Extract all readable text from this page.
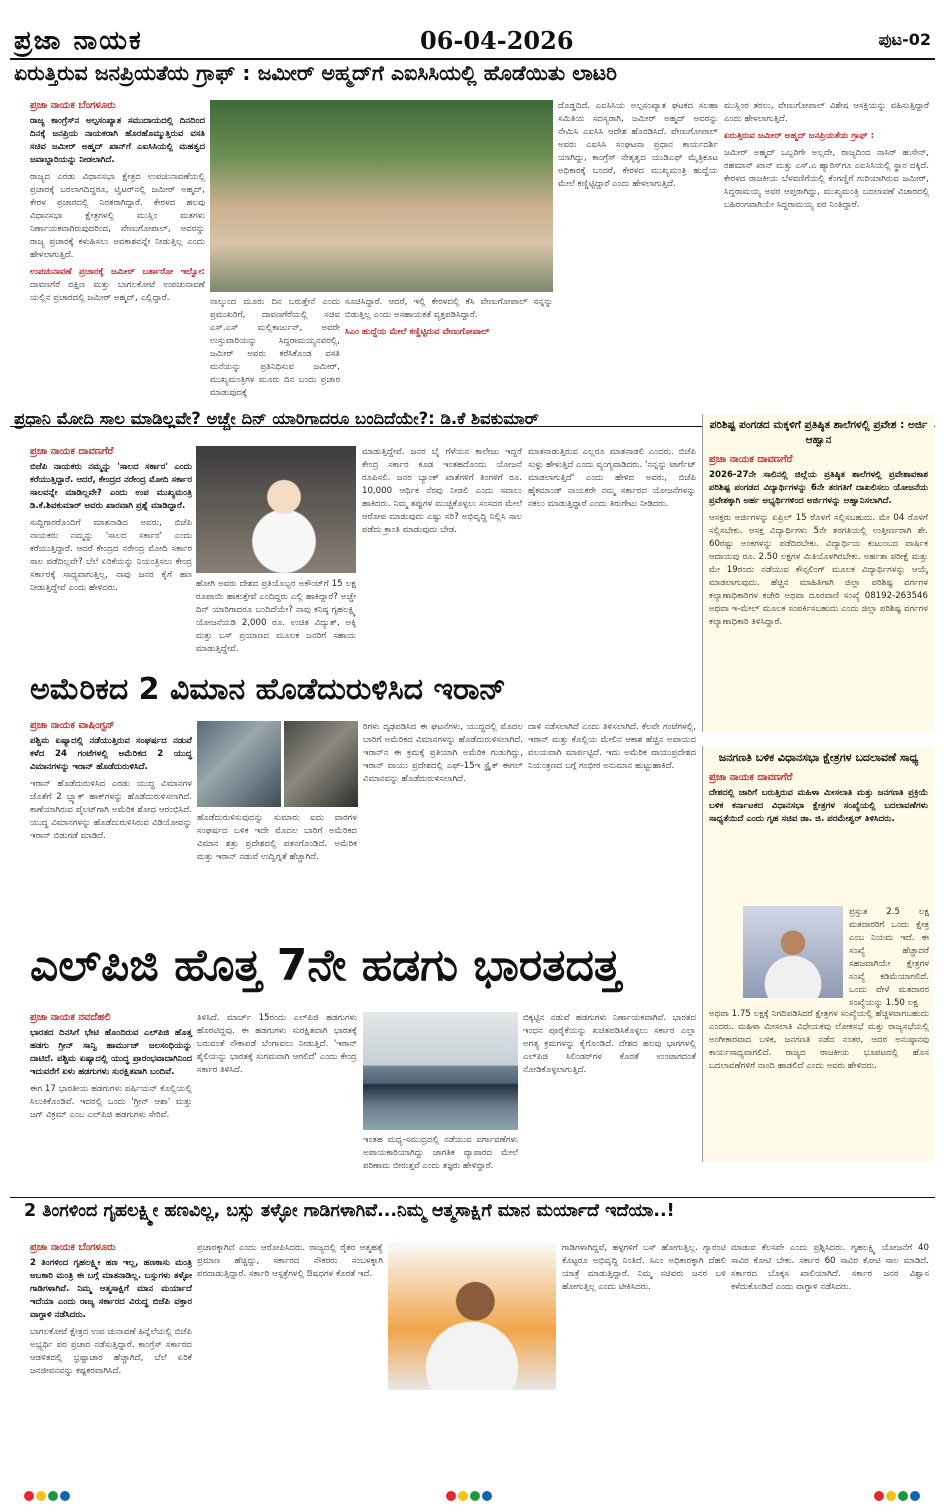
ಪ್ರಜಾ ನಾಯಕ	06-04-2026	ಪುಟ-02
ಏರುತ್ತಿರುವ ಜನಪ್ರಿಯತೆಯ ಗ್ರಾಫ್ : ಜಮೀರ್ ಅಹ್ಮದ್‌ಗೆ ಎಐಸಿಸಿಯಲ್ಲಿ ಹೊಡೆಯಿತು ಲಾಟರಿ
ಪ್ರಜಾ ನಾಯಕ ಬೆಂಗಳೂರು

ರಾಜ್ಯ ಕಾಂಗ್ರೆಸ್‌ನ ಅಲ್ಪಸಂಖ್ಯಾತ ಸಮುದಾಯದಲ್ಲಿ ದಿನದಿಂದ ದಿನಕ್ಕೆ ಜನಪ್ರಿಯ ನಾಯಕರಾಗಿ ಹೊರಹೊಮ್ಮುತ್ತಿರುವ ವಸತಿ ಸಚಿವ ಜಮೀರ್ ಅಹ್ಮದ್ ಖಾನ್‌ಗೆ ಎಐಸಿಸಿಯಲ್ಲಿ ಮಹತ್ವದ ಜವಾಬ್ದಾರಿಯನ್ನು ನೀಡಲಾಗಿದೆ.

ರಾಜ್ಯದ ಎರಡು ವಿಧಾನಸಭಾ ಕ್ಷೇತ್ರದ ಉಪಚುನಾವಣೆಯಲ್ಲಿ ಪ್ರಚಾರಕ್ಕೆ ಬರಲಾಗದಿದ್ದರೂ, ಟ್ವಿಟರ್‌ನಲ್ಲಿ ಜಮೀರ್ ಅಹ್ಮದ್, ಕೇರಳ ಪ್ರಚಾರದಲ್ಲಿ ನಿರತರಾಗಿದ್ದಾರೆ. ಕೇರಳದ ಹಲವು ವಿಧಾನಸಭಾ ಕ್ಷೇತ್ರಗಳಲ್ಲಿ ಮುಸ್ಲಿಂ ಮತಗಳು ನಿರ್ಣಾಯಕವಾಗಿರುವುದರಿಂದ, ವೇಣುಗೋಪಾಲ್, ಅವರನ್ನು ರಾಜ್ಯ ಪ್ರಚಾರಕ್ಕೆ ಕಳುಹಿಸಲು ಅವಕಾಶವನ್ನೇ ನೀಡುತ್ತಿಲ್ಲ ಎಂದು ಹೇಳಲಾಗುತ್ತಿದೆ.

ಉಪಚುನಾವಣೆ ಪ್ರಚಾರಕ್ಕೆ ಜಮೀರ್ ಬರ್ತಾರೋ ಇಲ್ವೋ: ದಾವಣಗೆರೆ ದಕ್ಷಿಣ ಮತ್ತು ಬಾಗಲಕೋಟೆ ಉಪಚುನಾವಣೆ ಯಲ್ಲಿನ ಪ್ರಚಾರದಲ್ಲಿ ಜಮೀರ್ ಅಹ್ಮದ್, ಎಲ್ಲಿದ್ದಾರೆ.	ನಾಲ್ಕುಂದ ಮೂರು ದಿನ ಬರುತ್ತೇನೆ ಎಂದು ಪ್ರಮುಖರಿಗೆ, ದಾವಣಗೆರೆಯಲ್ಲಿ ಸಚಿವ ಎಸ್.ಎಸ್ ಮಲ್ಲಿಕಾರ್ಜುನ್, ಅವರೇ ಉಸ್ತುವಾರಿಯನ್ನು ಸಿದ್ದರಾಮಯ್ಯನವರಲ್ಲಿ, ಜಮೀರ್ ಅವರು ಕರೆಸಿಕೊಂಡ ವಸತಿ ಮನೆಯನ್ನು ಪ್ರತಿನಿಧಿಸುವ ಜಮೀರ್, ಮುಖ್ಯಮಂತ್ರಿಗಳ ಮೂರು ದಿನ ಬಂದು ಪ್ರಚಾರ ಮಾಡುವುದಕ್ಕೆ

ಸೂಚಿಸಿದ್ದಾರೆ. ಆದರೆ, ಇಲ್ಲಿ ಕೇರಳದಲ್ಲಿ ಕೆಸಿ ವೇಣುಗೋಪಾಲ್ ನನ್ನನ್ನು ಬಿಡುತ್ತಿಲ್ಲ ಎಂದು ಅಸಹಾಯಕತೆ ವ್ಯಕ್ತಪಡಿಸಿದ್ದಾರೆ.

ಸಿಎಂ ಹುದ್ದೆಯ ಮೇಲೆ ಕಣ್ಣಿಟ್ಟಿರುವ ವೇಣುಗೋಪಾಲ್

ದೊಡ್ಡದಿದೆ. ಎಐಸಿಸಿಯ ಅಲ್ಪಸಂಖ್ಯಾತ ಘಟಕದ ಸಲಹಾ ಸಮಿತಿಯ ಸದಸ್ಯರಾಗಿ, ಜಮೀರ್ ಅಹ್ಮದ್ ಅವರನ್ನು ನೇಮಿಸಿ ಎಐಸಿಸಿ ಆದೇಶ ಹೊರಡಿಸಿದೆ. ವೇಣುಗೋಪಾಲ್ ಅವರು ಎಐಸಿಸಿ ಸಂಘಟನಾ ಪ್ರಧಾನ ಕಾರ್ಯದರ್ಶಿ ಯಾಗಿದ್ದು, ಕಾಂಗ್ರೆಸ್ ನೇತೃತ್ವದ ಯುಡಿಎಫ್ ಮೈತ್ರಿಕೂಟ ಅಧಿಕಾರಕ್ಕೆ ಬಂದರೆ, ಕೇರಳದ ಮುಖ್ಯಮಂತ್ರಿ ಹುದ್ದೆಯ ಮೇಲೆ ಕಣ್ಣಿಟ್ಟಿದ್ದಾರೆ ಎಂದು ಹೇಳಲಾಗುತ್ತಿದೆ.

ಮುಸ್ಲಿಂರ ತರಲು, ವೇಣುಗೋಪಾಲ್ ವಿಶೇಷ ಆಸಕ್ತಿಯನ್ನು ವಹಿಸುತ್ತಿದ್ದಾರೆ ಎಂದು ಹೇಳಲಾಗುತ್ತಿದೆ.

ಏರುತ್ತಿರುವ ಜಮೀರ್ ಅಹ್ಮದ್ ಜನಪ್ರಿಯತೆಯ ಗ್ರಾಫ್ :

ಜಮೀರ್ ಅಹ್ಮದ್ ಒಬ್ಬರಿಗೇ ಅಲ್ಲದೇ, ರಾಜ್ಯದಿಂದ ನಾಸಿರ್ ಹುಸೇನ್, ರಹಮಾನ್ ಖಾನ್ ಮತ್ತು ಎಸ್.ಎ ಹ್ಯಾರಿಸ್‌ಗೂ ಎಐಸಿಸಿಯಲ್ಲಿ ಸ್ಥಾನ ದಕ್ಕಿದೆ. ಕೇರಳದ ರಾಜಕೀಯ ಬೆಳವಣಿಗೆಯಲ್ಲಿ ಕೆಂಗಣ್ಣಿಗೆ ಗುರಿಯಾಗಿರುವ ಜಮೀರ್, ಸಿದ್ದರಾಮಯ್ಯ ಅವರ ಆಪ್ತರಾಗಿದ್ದು, ಮುಖ್ಯಮಂತ್ರಿ ಬದಲಾವಣೆ ವಿಚಾರದಲ್ಲಿ ಬಹಿರಂಗವಾಗಿಯೇ ಸಿದ್ದರಾಮಯ್ಯ ಪರ ನಿಂತಿದ್ದಾರೆ.

ಪ್ರಧಾನಿ ಮೋದಿ ಸಾಲ ಮಾಡಿಲ್ಲವೇ? ಅಚ್ಚೇ ದಿನ್ ಯಾರಿಗಾದರೂ ಬಂದಿದೆಯೇ?: ಡಿ.ಕೆ ಶಿವಕುಮಾರ್
ಪ್ರಜಾ ನಾಯಕ ದಾವಣಗೆರೆ

ಬಿಜೆಪಿ ನಾಯಕರು ನಮ್ಮನ್ನು 'ಸಾಲದ ಸರ್ಕಾರ' ಎಂದು ಕರೆಯುತ್ತಿದ್ದಾರೆ. ಆದರೆ, ಕೇಂದ್ರದ ನರೇಂದ್ರ ಮೋದಿ ಸರ್ಕಾರ ಸಾಲವನ್ನೇ ಮಾಡಿಲ್ಲವೇ? ಎಂದು ಉಪ ಮುಖ್ಯಮಂತ್ರಿ ಡಿ.ಕೆ.ಶಿವಕುಮಾರ್ ಅವರು ಖಾರವಾಗಿ ಪ್ರಶ್ನೆ ಮಾಡಿದ್ದಾರೆ.

ಸುದ್ದಿಗಾರರೊಂದಿಗೆ ಮಾತನಾಡಿದ ಅವರು, ಬಿಜೆಪಿ ನಾಯಕರು ನಮ್ಮನ್ನು 'ಸಾಲದ ಸರ್ಕಾರ' ಎಂದು ಕರೆಯುತ್ತಿದ್ದಾರೆ. ಆದರೆ ಕೇಂದ್ರದ ನರೇಂದ್ರ ಮೋದಿ ಸರ್ಕಾರ ಸಾಲ ಪಡೆದಿಲ್ಲವೇ? ಬೆಲೆ ಏರಿಕೆಯನ್ನು ನಿಯಂತ್ರಿಸಲು ಕೇಂದ್ರ ಸರ್ಕಾರಕ್ಕೆ ಸಾಧ್ಯವಾಗುತ್ತಿಲ್ಲ, ನಾವು ಜನರ ಕೈಗೆ ಹಣ ನೀಡುತ್ತಿದ್ದೇವೆ ಎಂದು ಹೇಳಿದರು.	ಹೋಗಿ ಅವರು ದೇಶದ ಪ್ರತಿಯೊಬ್ಬರ ಅಕೌಂಟ್‌ಗೆ 15 ಲಕ್ಷ ರೂಪಾಯಿ ಹಾಕುತ್ತೇವೆ ಎಂದಿದ್ದರು ಎಲ್ಲಿ ಹಾಕಿದ್ದಾರೆ? ಅಚ್ಚೇ ದಿನ್ ಯಾರಿಗಾದರೂ ಬಂದಿದೆಯೇ? ನಾವು ಕನಿಷ್ಠ ಗೃಹಲಕ್ಷ್ಮಿ ಯೋಜನೆಯಡಿ 2,000 ರೂ. ಉಚಿತ ವಿದ್ಯುತ್, ಅಕ್ಕಿ ಮತ್ತು ಬಸ್ ಪ್ರಯಾಣದ ಮೂಲಕ ಜನರಿಗೆ ಸಹಾಯ ಮಾಡುತ್ತಿದ್ದೇವೆ.

ಮಾಡುತ್ತಿದ್ದೇವೆ. ಜನರ ಬೈ ಗೆಳೆಯನ ಕಾಲೇಜು ಇದ್ದರೆ ಕೇಂದ್ರ ಸರ್ಕಾರ ಕೂಡ ಇಂತಹದೊಂದು ಯೋಜನೆ ರೂಪಿಸಲಿ. ಜನರ ಬ್ಯಾಂಕ್ ಖಾತೆಗಳಿಗೆ ತಿಂಗಳಿಗೆ ರೂ. 10,000 ಆರ್ಥಿಕ ನೆರವು ನೀಡಲಿ ಎಂದು ಸವಾಲು ಹಾಕಿದರು. ನಿಮ್ಮ ತಪ್ಪುಗಳ ಮುಚ್ಚಿಕೊಳ್ಳಲು ಸಂಸದರ ಮೇಲೆ ಆರೋಪ ಮಾಡುವುದು ಎಷ್ಟು ಸರಿ? ಅಭಿವೃದ್ಧಿ ನಿಲ್ಲಿಸಿ ಸಾಲ ಪಡೆದು ಕ್ರಾಂತಿ ಮಾಡುವುದು ಬೇಡ.

ಮಾತನಾಡುತ್ತಿರುವ ಎಲ್ಲರೂ ಮಾತನಾಡಲಿ ಎಂದರು. ಬಿಜೆಪಿ ಸುಳ್ಳು ಹೇಳುತ್ತಿದೆ ಎಂದು ವ್ಯಂಗ್ಯವಾಡಿದರು. 'ನನ್ನನ್ನು ಟಾರ್ಗೆಟ್ ಮಾಡಲಾಗುತ್ತಿದೆ' ಎಂದು ಹೇಳಿದ ಅವರು, ಬಿಜೆಪಿ ಹೈಕಮಾಂಡ್ ನಾಯಕರೇ ನಮ್ಮ ಸರ್ಕಾರದ ಯೋಜನೆಗಳನ್ನು ನಕಲು ಮಾಡುತ್ತಿದ್ದಾರೆ ಎಂದು ತಿರುಗೇಟು ನೀಡಿದರು.

ಪರಿಶಿಷ್ಟ ಪಂಗಡದ ಮಕ್ಕಳಿಗೆ ಪ್ರತಿಷ್ಠಿತ ಶಾಲೆಗಳಲ್ಲಿ ಪ್ರವೇಶ : ಅರ್ಜಿ ಆಹ್ವಾನ
ಪ್ರಜಾ ನಾಯಕ ದಾವಣಗೆರೆ

2026-27ನೇ ಸಾಲಿನಲ್ಲಿ ಜಿಲ್ಲೆಯ ಪ್ರತಿಷ್ಠಿತ ಶಾಲೆಗಳಲ್ಲಿ ಪ್ರವೇಶಾವಕಾಶ ಪರಿಶಿಷ್ಟ ಪಂಗಡದ ವಿದ್ಯಾರ್ಥಿಗಳನ್ನು 6ನೇ ತರಗತಿಗೆ ದಾಖಲಿಸಲು ಯೋಜನೆಯ ಪ್ರವೇಶಕ್ಕಾಗಿ ಅರ್ಹ ಅಭ್ಯರ್ಥಿಗಳಿಂದ ಅರ್ಜಿಗಳನ್ನು ಆಹ್ವಾನಿಸಲಾಗಿದೆ.

ಆಸಕ್ತರು ಅರ್ಜಿಗಳನ್ನು ಏಪ್ರಿಲ್ 15 ರೊಳಗೆ ಸಲ್ಲಿಸಬಹುದು. ಮೇ 04 ರೊಳಗೆ ಸಲ್ಲಿಸಬೇಕು. ಆಸಕ್ತ ವಿದ್ಯಾರ್ಥಿಗಳು 5ನೇ ತರಗತಿಯಲ್ಲಿ ಉತ್ತೀರ್ಣರಾಗಿ ಶೇ. 60ರಷ್ಟು ಅಂಕಗಳನ್ನು ಪಡೆದಿರಬೇಕು. ವಿದ್ಯಾರ್ಥಿಯ ಕುಟುಂಬದ ವಾರ್ಷಿಕ ಆದಾಯವು ರೂ. 2.50 ಲಕ್ಷಗಳ ಮಿತಿಯೊಳಗಿರಬೇಕು. ಅರ್ಹತಾ ಪರೀಕ್ಷೆ ಮತ್ತು ಮೇ 19ರಂದು ನಡೆಯುವ ಕೌನ್ಸಲಿಂಗ್ ಮೂಲಕ ವಿದ್ಯಾರ್ಥಿಗಳನ್ನು ಆಯ್ಕೆ ಮಾಡಲಾಗುವುದು. ಹೆಚ್ಚಿನ ಮಾಹಿತಿಗಾಗಿ ಜಿಲ್ಲಾ ಪರಿಶಿಷ್ಟ ವರ್ಗಗಳ ಕಲ್ಯಾಣಾಧಿಕಾರಿಗಳ ಕಚೇರಿ ಅಥವಾ ದೂರವಾಣಿ ಸಂಖ್ಯೆ 08192-263546 ಅಥವಾ ಇ-ಮೇಲ್ ಮೂಲಕ ಸಂಪರ್ಕಿಸಬಹುದು ಎಂದು ಜಿಲ್ಲಾ ಪರಿಶಿಷ್ಟ ವರ್ಗಗಳ ಕಲ್ಯಾಣಾಧಿಕಾರಿ ತಿಳಿಸಿದ್ದಾರೆ.

ಅಮೆರಿಕದ 2 ವಿಮಾನ ಹೊಡೆದುರುಳಿಸಿದ ಇರಾನ್
ಪ್ರಜಾ ನಾಯಕ ವಾಷಿಂಗ್ಟನ್

ಪಶ್ಚಿಮ ಏಷ್ಯಾದಲ್ಲಿ ನಡೆಯುತ್ತಿರುವ ಸಂಘರ್ಷದ ನಡುವೆ ಕಳೆದ 24 ಗಂಟೆಗಳಲ್ಲಿ ಅಮೆರಿಕದ 2 ಯುದ್ಧ ವಿಮಾನಗಳನ್ನು ಇರಾನ್ ಹೊಡೆದುರುಳಿಸಿದೆ.

ಇರಾನ್ ಹೊಡೆದುರುಳಿಸಿದ ಎರಡು ಯುದ್ಧ ವಿಮಾನಗಳ ಜೊತೆಗೆ 2 ಬ್ಲ್ಯಾಕ್ ಹಾಕ್‌ಗಳನ್ನು ಹೊಡೆದುರುಳಿಸಲಾಗಿದೆ. ಕಾಣೆಯಾಗಿರುವ ಪೈಲಟ್‌ಗಾಗಿ ಅಮೆರಿಕ ಶೋಧ ಆರಂಭಿಸಿದೆ. ಯುದ್ಧ ವಿಮಾನಗಳನ್ನು ಹೊಡೆದುರುಳಿಸಿರುವ ವಿಡಿಯೋವನ್ನು ಇರಾನ್ ಬಿಡುಗಡೆ ಮಾಡಿದೆ.

ಹೊಡೆದುರುಳಿಸುವುದನ್ನು ಸುಮಾರು ಐದು ವಾರಗಳ ಸಂಘರ್ಷದ ಬಳಿಕ ಇದೇ ಮೊದಲ ಬಾರಿಗೆ ಅಮೆರಿಕದ ವಿಮಾನ ಶತ್ರು ಪ್ರದೇಶದಲ್ಲಿ ಪತನಗೊಂಡಿದೆ. ಅಮೆರಿಕ ಮತ್ತು ಇರಾನ್ ನಡುವೆ ಉದ್ವಿಗ್ನತೆ ಹೆಚ್ಚಾಗಿದೆ.

ರಿಗಳು ದೃಢಪಡಿಸಿದ ಈ ಘಟನೆಗಳು, ಯುದ್ಧದಲ್ಲಿ ಮೊದಲ ಬಾರಿಗೆ ಅಮೆರಿಕದ ವಿಮಾನಗಳನ್ನು ಹೊಡೆದುರುಳಿಸಲಾಗಿದೆ. ಇರಾನ್‌ನ ಈ ಕ್ರಮಕ್ಕೆ ಪ್ರತಿಯಾಗಿ ಅಮೆರಿಕ ಗುಡುಗಿದ್ದು, ಇರಾನ್ ವಾಯು ಪ್ರದೇಶದಲ್ಲಿ ಎಫ್-15ಇ ಸ್ಟ್ರೈಕ್ ಈಗಲ್ ವಿಮಾನವನ್ನು ಹೊಡೆದುರುಳಿಸಲಾಗಿದೆ.

ದಾಳಿ ನಡೆಸಲಾಗಿದೆ ಎಂದು ತಿಳಿಸಲಾಗಿದೆ. ಕೆಲವೇ ಗಂಟೆಗಳಲ್ಲಿ, ಇರಾನ್ ಮತ್ತು ಕೊಲ್ಲಿಯ ಮೇಲಿನ ಆಕಾಶ ಹೆಚ್ಚಿನ ಅಪಾಯದ ವಲಯವಾಗಿ ಮಾರ್ಪಟ್ಟಿದೆ. ಇದು ಅಮೆರಿಕ ವಾಯುಪ್ರದೇಶದ ನಿಯಂತ್ರಣದ ಬಗ್ಗೆ ಗಂಭೀರ ಅನುಮಾನ ಹುಟ್ಟುಹಾಕಿದೆ.

ಜನಗಣತಿ ಬಳಿಕ ವಿಧಾನಸಭಾ ಕ್ಷೇತ್ರಗಳ ಬದಲಾವಣೆ ಸಾಧ್ಯ
ಪ್ರಜಾ ನಾಯಕ ದಾವಣಗೆರೆ

ದೇಶದಲ್ಲಿ ಜಾರಿಗೆ ಬರುತ್ತಿರುವ ಮಹಿಳಾ ಮೀಸಲಾತಿ ಮತ್ತು ಜನಗಣತಿ ಪ್ರಕ್ರಿಯೆ ಬಳಿಕ ಕರ್ನಾಟಕದ ವಿಧಾನಸಭಾ ಕ್ಷೇತ್ರಗಳ ಸಂಖ್ಯೆಯಲ್ಲಿ ಬದಲಾವಣೆಗಳು ಸಾಧ್ಯತೆಯಿದೆ ಎಂದು ಗೃಹ ಸಚಿವ ಡಾ. ಜಿ. ಪರಮೇಶ್ವರ್ ತಿಳಿಸಿದರು.

ಪ್ರಸ್ತುತ 2.5 ಲಕ್ಷ ಮತದಾರರಿಗೆ ಒಂದು ಕ್ಷೇತ್ರ ಎಂಬ ನಿಯಮ ಇದೆ. ಈ ಸಂಖ್ಯೆ ಹೆಚ್ಚಾದರೆ ಸಹಜವಾಗಿಯೇ ಕ್ಷೇತ್ರಗಳ ಸಂಖ್ಯೆ ಕಡಿಮೆಯಾಗಲಿದೆ. ಒಂದು ವೇಳೆ ಮತದಾರರ ಸಂಖ್ಯೆಯನ್ನು 1.50 ಲಕ್ಷ

ಅಥವಾ 1.75 ಲಕ್ಷಕ್ಕೆ ನಿಗದಿಪಡಿಸಿದರೆ ಕ್ಷೇತ್ರಗಳ ಸಂಖ್ಯೆಯಲ್ಲಿ ಹೆಚ್ಚಳವಾಗಬಹುದು ಎಂದರು. ಮಹಿಳಾ ಮೀಸಲಾತಿ ವಿಧೇಯಕವು ಲೋಕಸಭೆ ಮತ್ತು ರಾಜ್ಯಸಭೆಯಲ್ಲಿ ಅಂಗೀಕಾರವಾದ ಬಳಿಕ, ಜನಗಣತಿ ನಡೆದ ನಂತರ, ಆದರ ಅನುಷ್ಠಾನವು ಕಾರ್ಯಸಾಧ್ಯವಾಗಲಿದೆ. ರಾಜ್ಯದ ರಾಜಕೀಯ ಭೂಪಟದಲ್ಲಿ ಹೊಸ ಬದಲಾವಣೆಗಳಿಗೆ ನಾಂದಿ ಹಾಡಲಿದೆ ಎಂದು ಅವರು ಹೇಳಿದರು.

ಎಲ್‌ಪಿಜಿ ಹೊತ್ತ 7ನೇ ಹಡಗು ಭಾರತದತ್ತ
ಪ್ರಜಾ ನಾಯಕ ನವದೆಹಲಿ

ಭಾರತದ ದಿನಸಿಗೆ ಭೇಟಿ ಹೊಂದಿರುವ ಎಲ್‌ಪಿಜಿ ಹೊತ್ತ ಹಡಗು ಗ್ರೀನ್ ಸಾನ್ವಿ ಹಾರ್ಮುಜ್ ಜಲಸಂಧಿಯನ್ನು ದಾಟಿದೆ. ಪಶ್ಚಿಮ ಏಷ್ಯಾದಲ್ಲಿ ಯುದ್ಧ ಪ್ರಾರಂಭವಾದಾಗಿನಿಂದ ಇದುವರೆಗೆ ಏಳು ಹಡಗುಗಳು ಸುರಕ್ಷಿತವಾಗಿ ಬಂದಿವೆ.

ಈಗ 17 ಭಾರತೀಯ ಹಡಗುಗಳು ಪರ್ಷಿಯನ್ ಕೊಲ್ಲಿಯಲ್ಲಿ ಸಿಲುಕಿಕೊಂಡಿವೆ. ಇದರಲ್ಲಿ ಒಂದು 'ಗ್ರೀನ್ ಆಶಾ' ಮತ್ತು ಜಗ್ ವಿಕ್ರಮ್ ಎಂಬ ಎಲ್‌ಪಿಜಿ ಹಡಗುಗಳು ಸೇರಿವೆ.

ತಿಳಿಸಿದೆ. ಮಾರ್ಚ್ 15ರಂದು ಎಲ್‌ಪಿಜಿ ಹಡಗುಗಳು ಹೊರಟಿದ್ದವು. ಈ ಹಡಗುಗಳು ಸುರಕ್ಷಿತವಾಗಿ ಭಾರತಕ್ಕೆ ಬರುವಂತೆ ನೌಕಾಪಡೆ ಬೆಂಗಾವಲು ನೀಡುತ್ತಿದೆ. 'ಇರಾನ್ ಶೈಲಿಯನ್ನು ಭಾರತಕ್ಕೆ ಸುಗಮವಾಗಿ ಆಗಲಿದೆ' ಎಂದು ಕೇಂದ್ರ ಸರ್ಕಾರ ತಿಳಿಸಿದೆ.

ಇಂತಹ ಮಧ್ಯ-ಸಮುದ್ರದಲ್ಲಿ ನಡೆಯುವ ವರ್ಗಾವಣೆಗಳು ಅಪಾಯಕಾರಿಯಾಗಿದ್ದು ಜಾಗತಿಕ ವ್ಯಾಪಾರದ ಮೇಲೆ ಪರಿಣಾಮ ಬೀರುತ್ತವೆ ಎಂದು ತಜ್ಞರು ಹೇಳಿದ್ದಾರೆ.

ಬಿಕ್ಕಟ್ಟಿನ ನಡುವೆ ಹಡಗುಗಳು ನಿರ್ಣಾಯಕವಾಗಿವೆ. ಭಾರತದ ಇಂಧನ ಪೂರೈಕೆಯನ್ನು ಖಚಿತಪಡಿಸಿಕೊಳ್ಳಲು ಸರ್ಕಾರ ಎಲ್ಲಾ ಅಗತ್ಯ ಕ್ರಮಗಳನ್ನು ಕೈಗೊಂಡಿದೆ. ದೇಶದ ಹಲವು ಭಾಗಗಳಲ್ಲಿ ಎಲ್‌ಪಿಜಿ ಸಿಲಿಂಡರ್‌ಗಳ ಕೊರತೆ ಉಂಟಾಗದಂತೆ ನೋಡಿಕೊಳ್ಳಲಾಗುತ್ತಿದೆ.

2 ತಿಂಗಳಿಂದ ಗೃಹಲಕ್ಷ್ಮೀ ಹಣವಿಲ್ಲ, ಬಸ್ಸು ತಳ್ಳೋ ಗಾಡಿಗಳಾಗಿವೆ...ನಿಮ್ಮ ಆತ್ಮಸಾಕ್ಷಿಗೆ ಮಾನ ಮರ್ಯಾದೆ ಇದೆಯಾ..!
ಪ್ರಜಾ ನಾಯಕ ಬೆಂಗಳೂರು

2 ತಿಂಗಳಿಂದ ಗೃಹಲಕ್ಷ್ಮೀ ಹಣ ಇಲ್ಲ, ಹಣಕಾಸು ಮಂತ್ರಿ ಅಬಕಾರಿ ಮಂತ್ರಿ ಈ ಬಗ್ಗೆ ಮಾತನಾಡಿಲ್ಲ. ಬಸ್ಸುಗಳು ತಳ್ಳೋ ಗಾಡಿಗಳಾಗಿವೆ. ನಿಮ್ಮ ಆತ್ಮಸಾಕ್ಷಿಗೆ ಮಾನ ಮರ್ಯಾದೆ ಇದೆಯಾ ಎಂದು ರಾಜ್ಯ ಸರ್ಕಾರದ ವಿರುದ್ಧ ಬಿಜೆಪಿ ವಕ್ತಾರ ವಾಗ್ದಾಳಿ ನಡೆಸಿದರು.

ಬಾಗಲಕೋಟೆ ಕ್ಷೇತ್ರದ ಉಪ ಚುನಾವಣೆ ಹಿನ್ನೆಲೆಯಲ್ಲಿ ಬಿಜೆಪಿ ಅಭ್ಯರ್ಥಿ ಪರ ಪ್ರಚಾರ ನಡೆಸುತ್ತಿದ್ದಾರೆ. ಕಾಂಗ್ರೆಸ್ ಸರ್ಕಾರದ ಆಡಳಿತದಲ್ಲಿ ಭ್ರಷ್ಟಾಚಾರ ಹೆಚ್ಚಾಗಿದೆ, ಬೆಲೆ ಏರಿಕೆ ಜನಜೀವನವನ್ನು ಕಷ್ಟಕರವಾಗಿಸಿದೆ.

ಪ್ರಚಾರಕ್ಕಾಗಿದೆ ಎಂದು ಆರೋಪಿಸಿದರು. ರಾಜ್ಯದಲ್ಲಿ ರೈತರ ಆತ್ಮಹತ್ಯೆ ಪ್ರಮಾಣ ಹೆಚ್ಚಿದ್ದು, ಸರ್ಕಾರದ ನೌಕರರು ಸಂಬಳಕ್ಕಾಗಿ ಪರದಾಡುತ್ತಿದ್ದಾರೆ. ಸರ್ಕಾರಿ ಆಸ್ಪತ್ರೆಗಳಲ್ಲಿ ಔಷಧಗಳ ಕೊರತೆ ಇದೆ.

ಗಾಡಿಗಳಾಗಿದ್ದವೆ, ಹಳ್ಳಗಳಿಗೆ ಬಸ್ ಹೋಗುತ್ತಿಲ್ಲ. ಗ್ಯಾರಂಟಿ ಕೊಟ್ಟರೂ ಅಭಿವೃದ್ಧಿ ನಿಂತಿದೆ. ಸಿಎಂ ಅಧಿಕಾರಕ್ಕಾಗಿ ದೆಹಲಿ ಯಾತ್ರೆ ಮಾಡುತ್ತಿದ್ದಾರೆ. ನಿಮ್ಮ ಸಚಿವರು ಜನರ ಬಳಿ ಹೋಗುತ್ತಿಲ್ಲ ಎಂದು ಟೀಕಿಸಿದರು.

ಮಾಡುವ ಕೆಲಸವೇ ಎಂದು ಪ್ರಶ್ನಿಸಿದರು. ಗೃಹಲಕ್ಷ್ಮಿ ಯೋಜನೆಗೆ 40 ಸಾವಿರ ಕೋಟಿ ಬೇಕು. ಸರ್ಕಾರ 60 ಸಾವಿರ ಕೋಟಿ ಸಾಲ ಮಾಡಿದೆ. ಸರ್ಕಾರದ ಬೊಕ್ಕಸ ಖಾಲಿಯಾಗಿದೆ. ಸರ್ಕಾರ ಜನರ ವಿಶ್ವಾಸ ಕಳೆದುಕೊಂಡಿದೆ ಎಂದು ವಾಗ್ದಾಳಿ ನಡೆಸಿದರು.
